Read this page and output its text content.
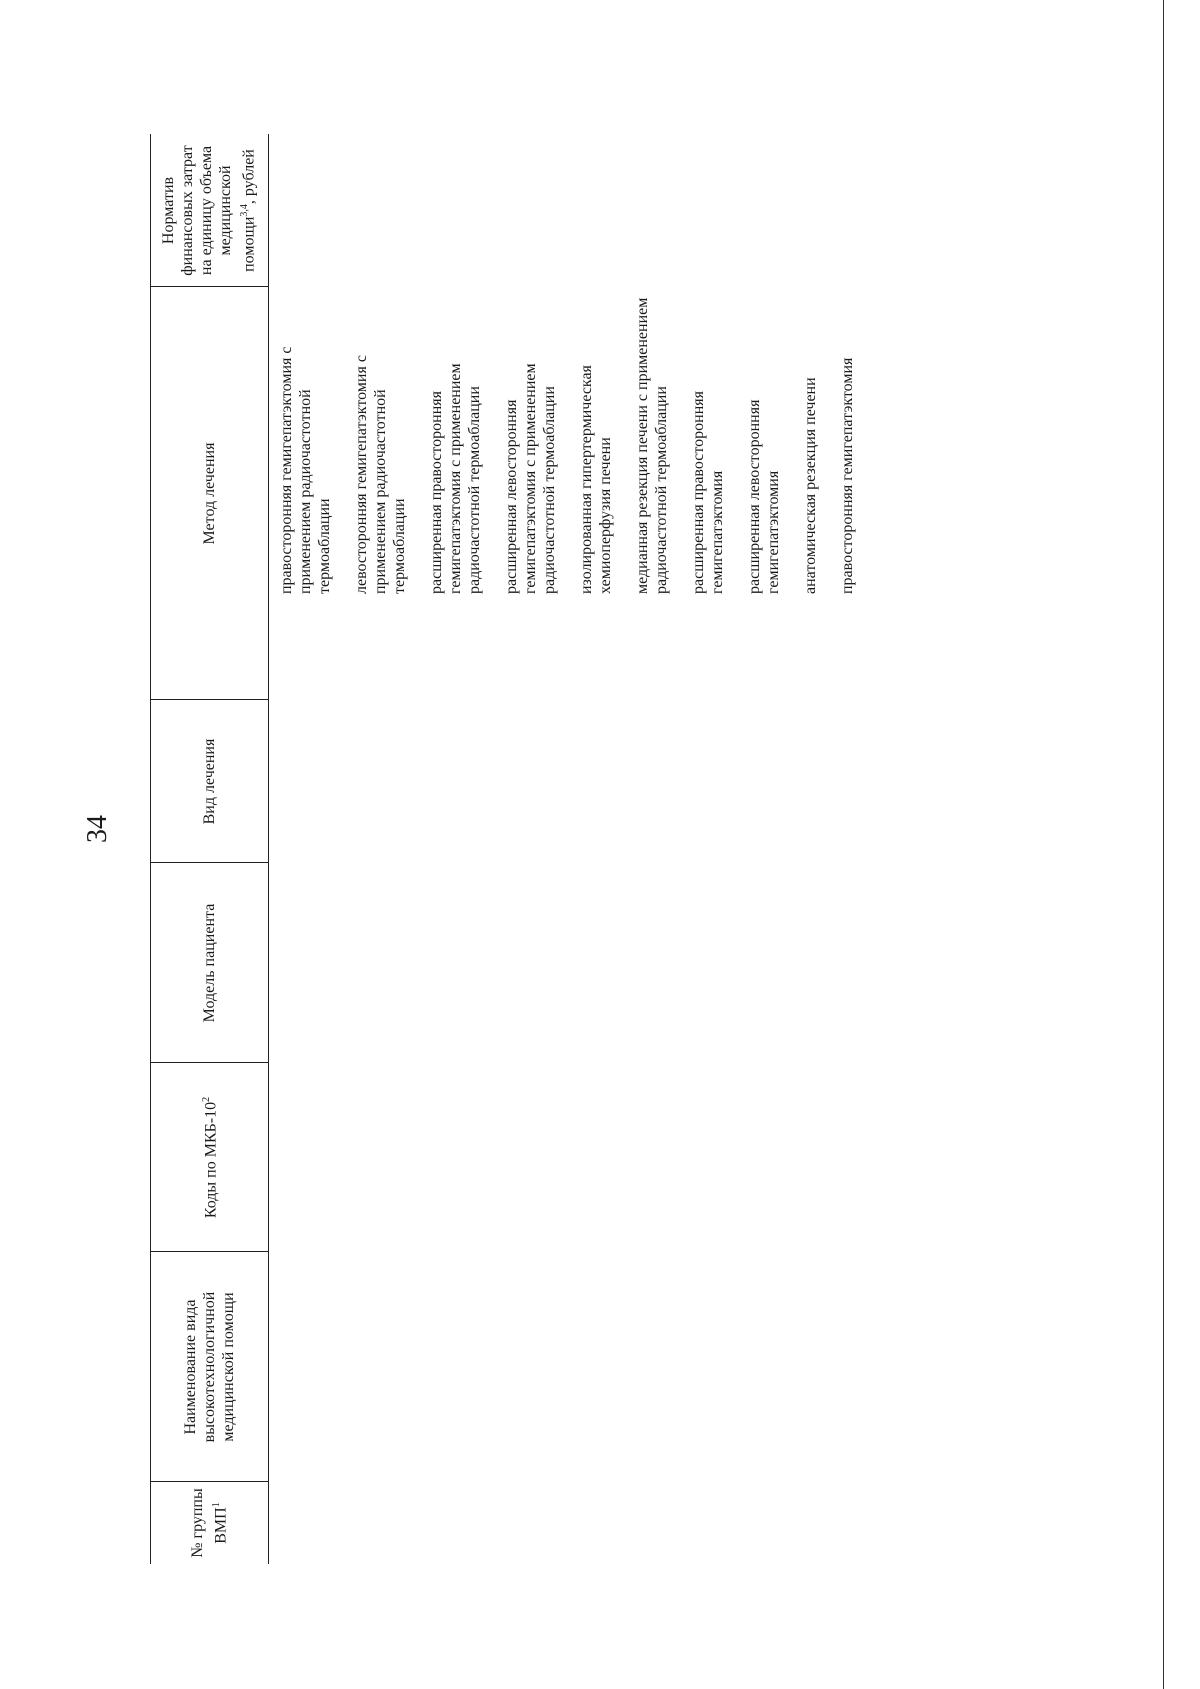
34
№ группы ВМП$^1$
Наименование вида высокотехнологичной медицинской помощи
Коды по МКБ-$10^2$
Модель пациента
Вид лечения
Метод лечения
Норматив финансовых затрат на единицу объема медицинской помощи$^{3,4}$, рублей
правосторонняя гемигепатэктомия с применением радиочастотной термоаблации левосторонняя гемигепатэктомия с применением радиочастотной термоаблации расширенная правосторонняя гемигепатэктомия с применением радиочастотной термоаблации расширенная левосторонняя гемигепатэктомия с применением радиочастотной термоаблации изолированная гипертермическая хемиоперфузия печени медианная резекция печени с применением радиочастотной термоаблации расширенная правосторонняя гемигепатэктомия расширенная левосторонняя гемигепатэктомия анатомическая резекция печени правосторонняя гемигепатэктомия
